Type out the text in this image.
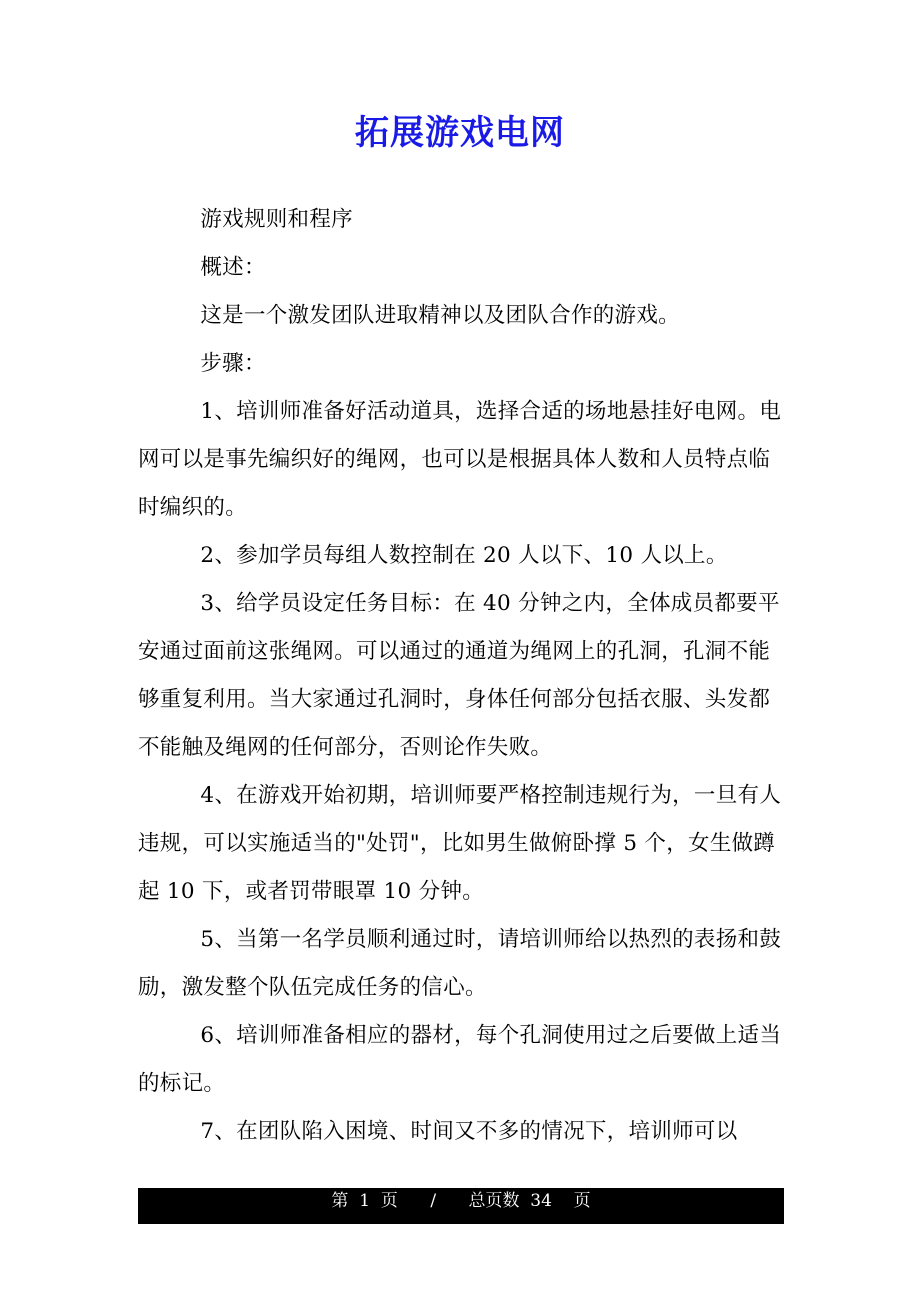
拓展游戏电网

游戏规则和程序

概述：

这是一个激发团队进取精神以及团队合作的游戏。

步骤：

1、培训师准备好活动道具，选择合适的场地悬挂好电网。电网可以是事先编织好的绳网，也可以是根据具体人数和人员特点临时编织的。

2、参加学员每组人数控制在 20 人以下、10 人以上。

3、给学员设定任务目标：在 40 分钟之内，全体成员都要平安通过面前这张绳网。可以通过的通道为绳网上的孔洞，孔洞不能够重复利用。当大家通过孔洞时，身体任何部分包括衣服、头发都不能触及绳网的任何部分，否则论作失败。

4、在游戏开始初期，培训师要严格控制违规行为，一旦有人违规，可以实施适当的"处罚"，比如男生做俯卧撑 5 个，女生做蹲起 10 下，或者罚带眼罩 10 分钟。

5、当第一名学员顺利通过时，请培训师给以热烈的表扬和鼓励，激发整个队伍完成任务的信心。

6、培训师准备相应的器材，每个孔洞使用过之后要做上适当的标记。

7、在团队陷入困境、时间又不多的情况下，培训师可以

第
1
页
/
总页数
34
页
